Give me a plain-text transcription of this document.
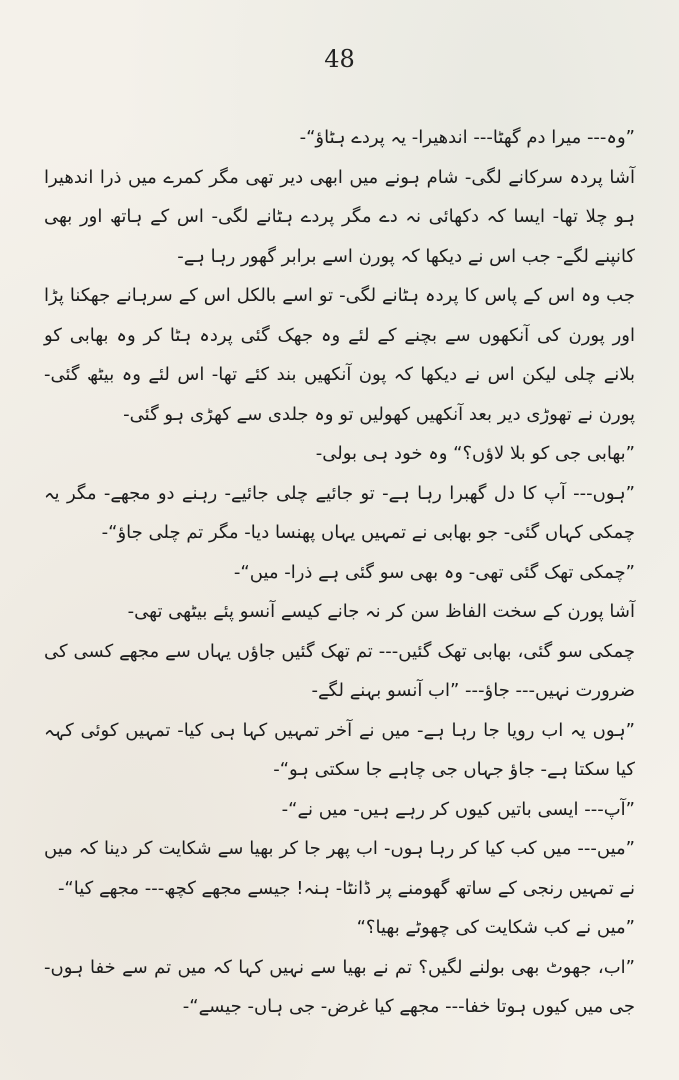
48

”وہ--- میرا دم گھٹا--- اندھیرا- یہ پردے ہٹاؤ“-

آشا پردہ سرکانے لگی- شام ہونے میں ابھی دیر تھی مگر کمرے میں ذرا اندھیرا ہو چلا تھا- ایسا کہ دکھائی نہ دے مگر پردے ہٹانے لگی- اس کے ہاتھ اور بھی کانپنے لگے- جب اس نے دیکھا کہ پورن اسے برابر گھور رہا ہے-

جب وہ اس کے پاس کا پردہ ہٹانے لگی- تو اسے بالکل اس کے سرہانے جھکنا پڑا اور پورن کی آنکھوں سے بچنے کے لئے وہ جھک گئی پردہ ہٹا کر وہ بھابی کو بلانے چلی لیکن اس نے دیکھا کہ پون آنکھیں بند کئے تھا- اس لئے وہ بیٹھ گئی- پورن نے تھوڑی دیر بعد آنکھیں کھولیں تو وہ جلدی سے کھڑی ہو گئی-

”بھابی جی کو بلا لاؤں؟“ وہ خود ہی بولی-

”ہوں--- آپ کا دل گھبرا رہا ہے- تو جائیے چلی جائیے- رہنے دو مجھے- مگر یہ چمکی کہاں گئی- جو بھابی نے تمہیں یہاں پھنسا دیا- مگر تم چلی جاؤ“-

”چمکی تھک گئی تھی- وہ بھی سو گئی ہے ذرا- میں“-

آشا پورن کے سخت الفاظ سن کر نہ جانے کیسے آنسو پئے بیٹھی تھی-

چمکی سو گئی، بھابی تھک گئیں--- تم تھک گئیں جاؤں یہاں سے مجھے کسی کی ضرورت نہیں--- جاؤ--- ”اب آنسو بہنے لگے-

”ہوں یہ اب رویا جا رہا ہے- میں نے آخر تمہیں کہا ہی کیا- تمہیں کوئی کہہ کیا سکتا ہے- جاؤ جہاں جی چاہے جا سکتی ہو“-

”آپ--- ایسی باتیں کیوں کر رہے ہیں- میں نے“-

”میں--- میں کب کیا کر رہا ہوں- اب پھر جا کر بھیا سے شکایت کر دینا کہ میں نے تمہیں رنجی کے ساتھ گھومنے پر ڈانٹا- ہنہ! جیسے مجھے کچھ--- مجھے کیا“-

”میں نے کب شکایت کی چھوٹے بھیا؟“

”اب، جھوٹ بھی بولنے لگیں؟ تم نے بھیا سے نہیں کہا کہ میں تم سے خفا ہوں- جی میں کیوں ہوتا خفا--- مجھے کیا غرض- جی ہاں- جیسے“-
